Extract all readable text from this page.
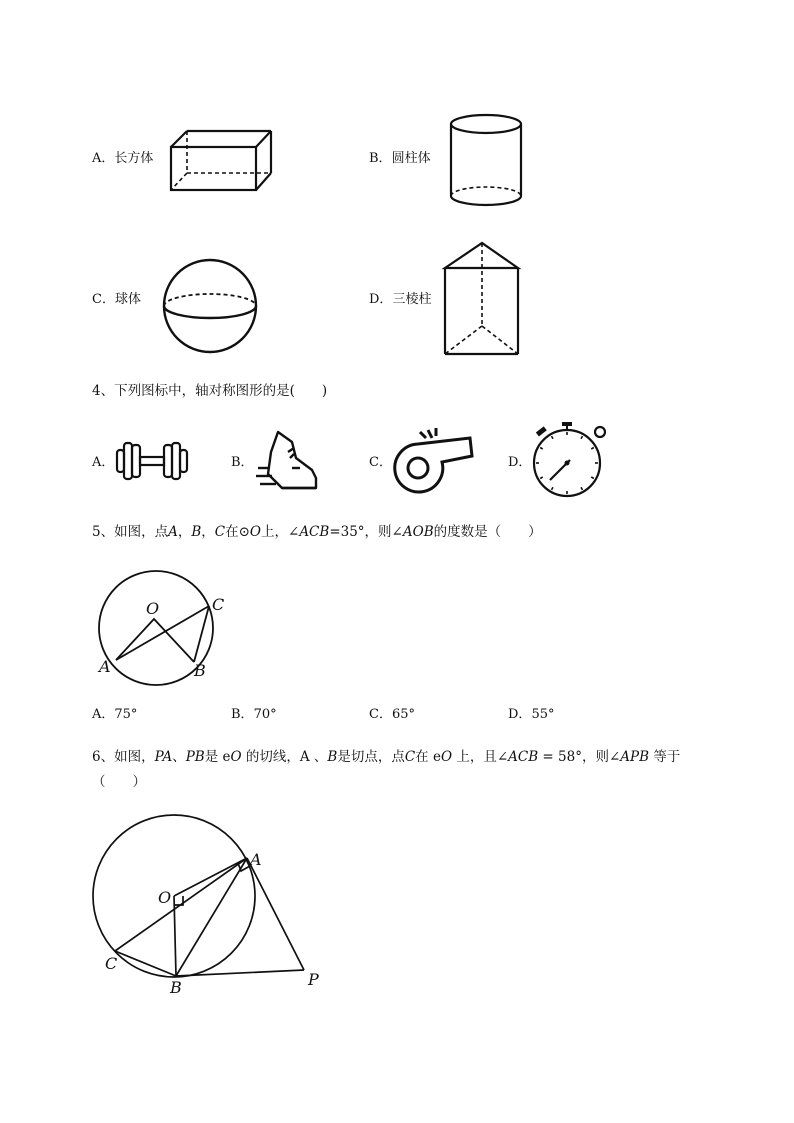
A．长方体	B．圆柱体
C．球体	D．三棱柱
4、下列图标中，轴对称图形的是(　　)
A．	B．	C．	D．
5、如图，点A，B，C在⊙O上，∠ACB=35°，则∠AOB的度数是（　　）
O	C
A	B
A．75°	B．70°	C．65°	D．55°
6、如图，PA、PB是 eO 的切线，A 、B是切点，点C在 eO 上，且∠ACB = 58°，则∠APB 等于
（　　）
A
O
C
B	P
